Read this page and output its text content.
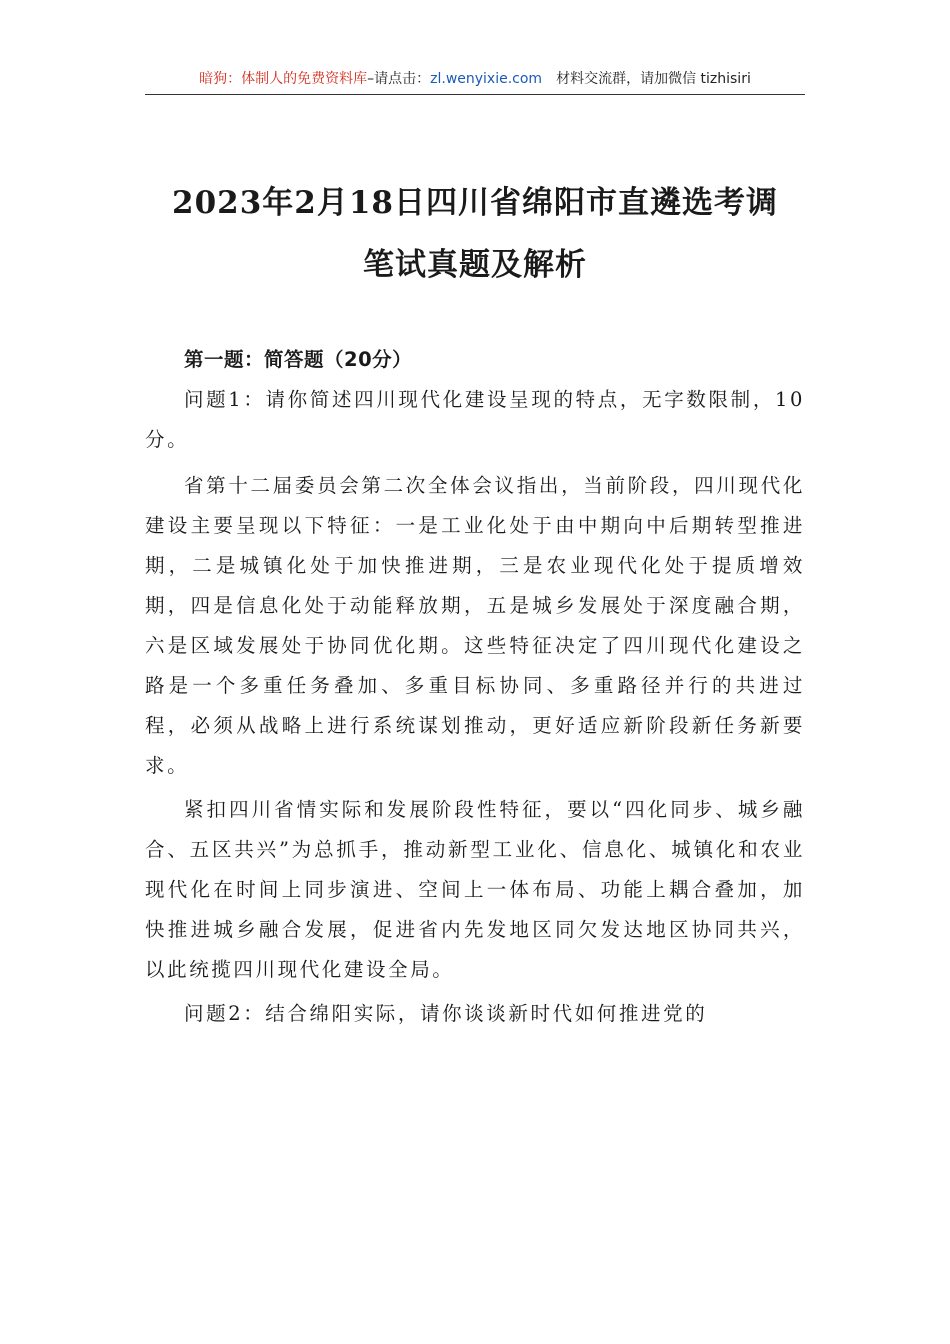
暗狗：体制人的免费资料库–请点击：zl.wenyixie.com 材料交流群，请加微信 tizhisiri
2023年2月18日四川省绵阳市直遴选考调
笔试真题及解析

第一题：简答题（20分）

问题1：请你简述四川现代化建设呈现的特点，无字数限制，10分。

省第十二届委员会第二次全体会议指出，当前阶段，四川现代化建设主要呈现以下特征：一是工业化处于由中期向中后期转型推进期，二是城镇化处于加快推进期，三是农业现代化处于提质增效期，四是信息化处于动能释放期，五是城乡发展处于深度融合期，六是区域发展处于协同优化期。这些特征决定了四川现代化建设之路是一个多重任务叠加、多重目标协同、多重路径并行的共进过程，必须从战略上进行系统谋划推动，更好适应新阶段新任务新要求。

紧扣四川省情实际和发展阶段性特征，要以“四化同步、城乡融合、五区共兴”为总抓手，推动新型工业化、信息化、城镇化和农业现代化在时间上同步演进、空间上一体布局、功能上耦合叠加，加快推进城乡融合发展，促进省内先发地区同欠发达地区协同共兴，以此统揽四川现代化建设全局。

问题2：结合绵阳实际，请你谈谈新时代如何推进党的
